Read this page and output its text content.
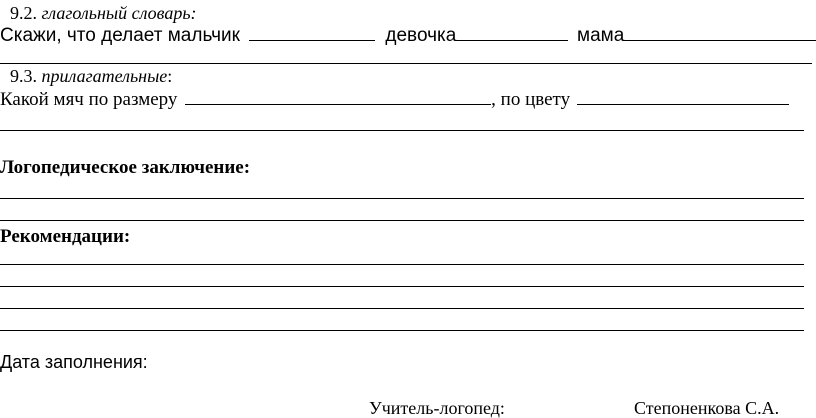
9.2. глагольный словарь:
Скажи, что делает мальчик	девочка	мама
9.3. прилагательные:
Какой мяч по размеру	, по цвету
Логопедическое заключение:
Рекомендации:
Дата заполнения:
Учитель-логопед:	Степоненкова С.А.
